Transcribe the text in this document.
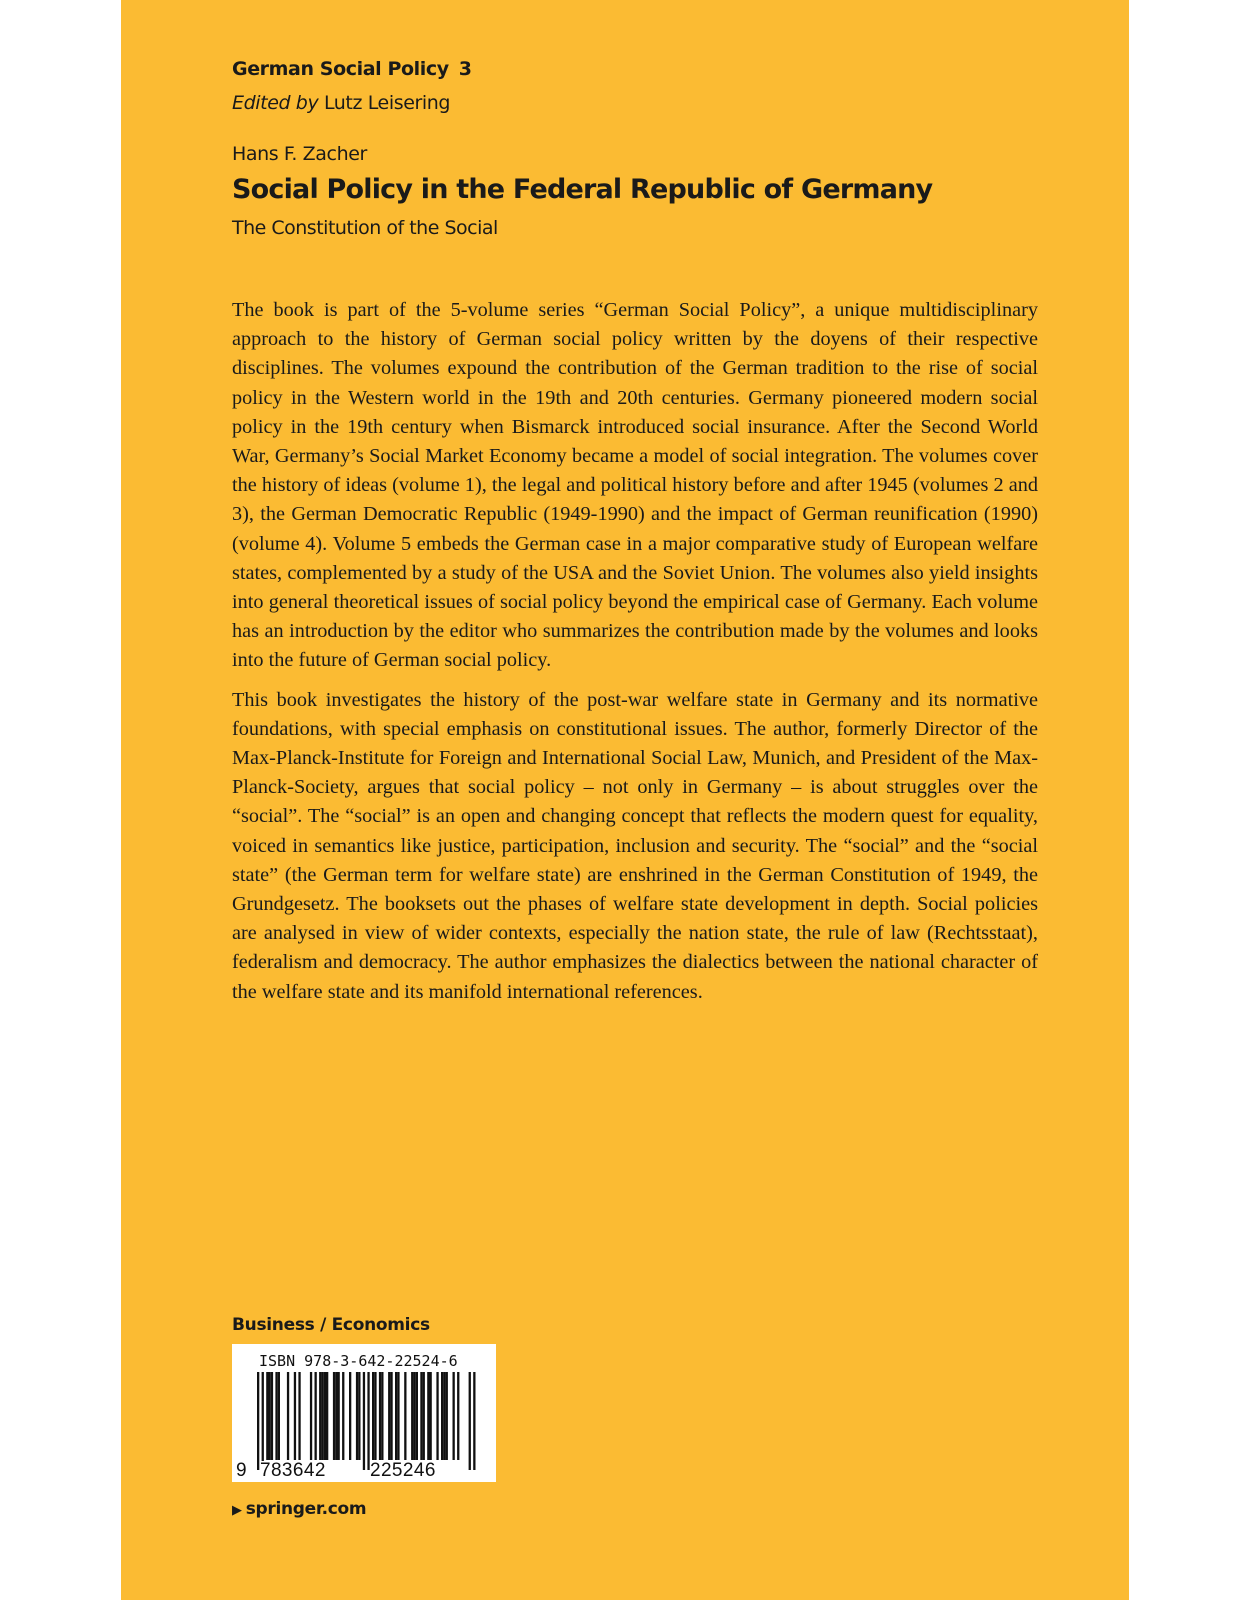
German Social Policy 3
Edited by Lutz Leisering
Hans F. Zacher
Social Policy in the Federal Republic of Germany
The Constitution of the Social

The book is part of the 5-volume series “German Social Policy”, a unique multidisciplinary approach to the history of German social policy written by the doyens of their respective disciplines. The volumes expound the contribution of the German tradition to the rise of social policy in the Western world in the 19th and 20th centuries. Germany pioneered modern social policy in the 19th century when Bismarck introduced social insurance. After the Second World War, Germany’s Social Market Economy became a model of social integration. The volumes cover the history of ideas (volume 1), the legal and political history before and after 1945 (volumes 2 and 3), the German Democratic Republic (1949-1990) and the impact of German reunification (1990) (volume 4). Volume 5 embeds the German case in a major comparative study of European welfare states, complemented by a study of the USA and the Soviet Union. The volumes also yield insights into general theoretical issues of social policy beyond the empirical case of Germany. Each volume has an introduction by the editor who summarizes the contribution made by the volumes and looks into the future of German social policy.

This book investigates the history of the post-war welfare state in Germany and its normative foundations, with special emphasis on constitutional issues. The author, formerly Director of the Max-Planck-Institute for Foreign and International Social Law, Munich, and President of the Max-Planck-Society, argues that social policy – not only in Germany – is about struggles over the “social”. The “social” is an open and changing concept that reflects the modern quest for equality, voiced in semantics like justice, participation, inclusion and security. The “social” and the “social state” (the German term for welfare state) are enshrined in the German Constitution of 1949, the Grundgesetz. The booksets out the phases of welfare state development in depth. Social policies are analysed in view of wider contexts, especially the nation state, the rule of law (Rechtsstaat), federalism and democracy. The author emphasizes the dialectics between the national character of the welfare state and its manifold international references.

Business / Economics
ISBN 978-3-642-22524-6
9 783642 225246
▶ springer.com
